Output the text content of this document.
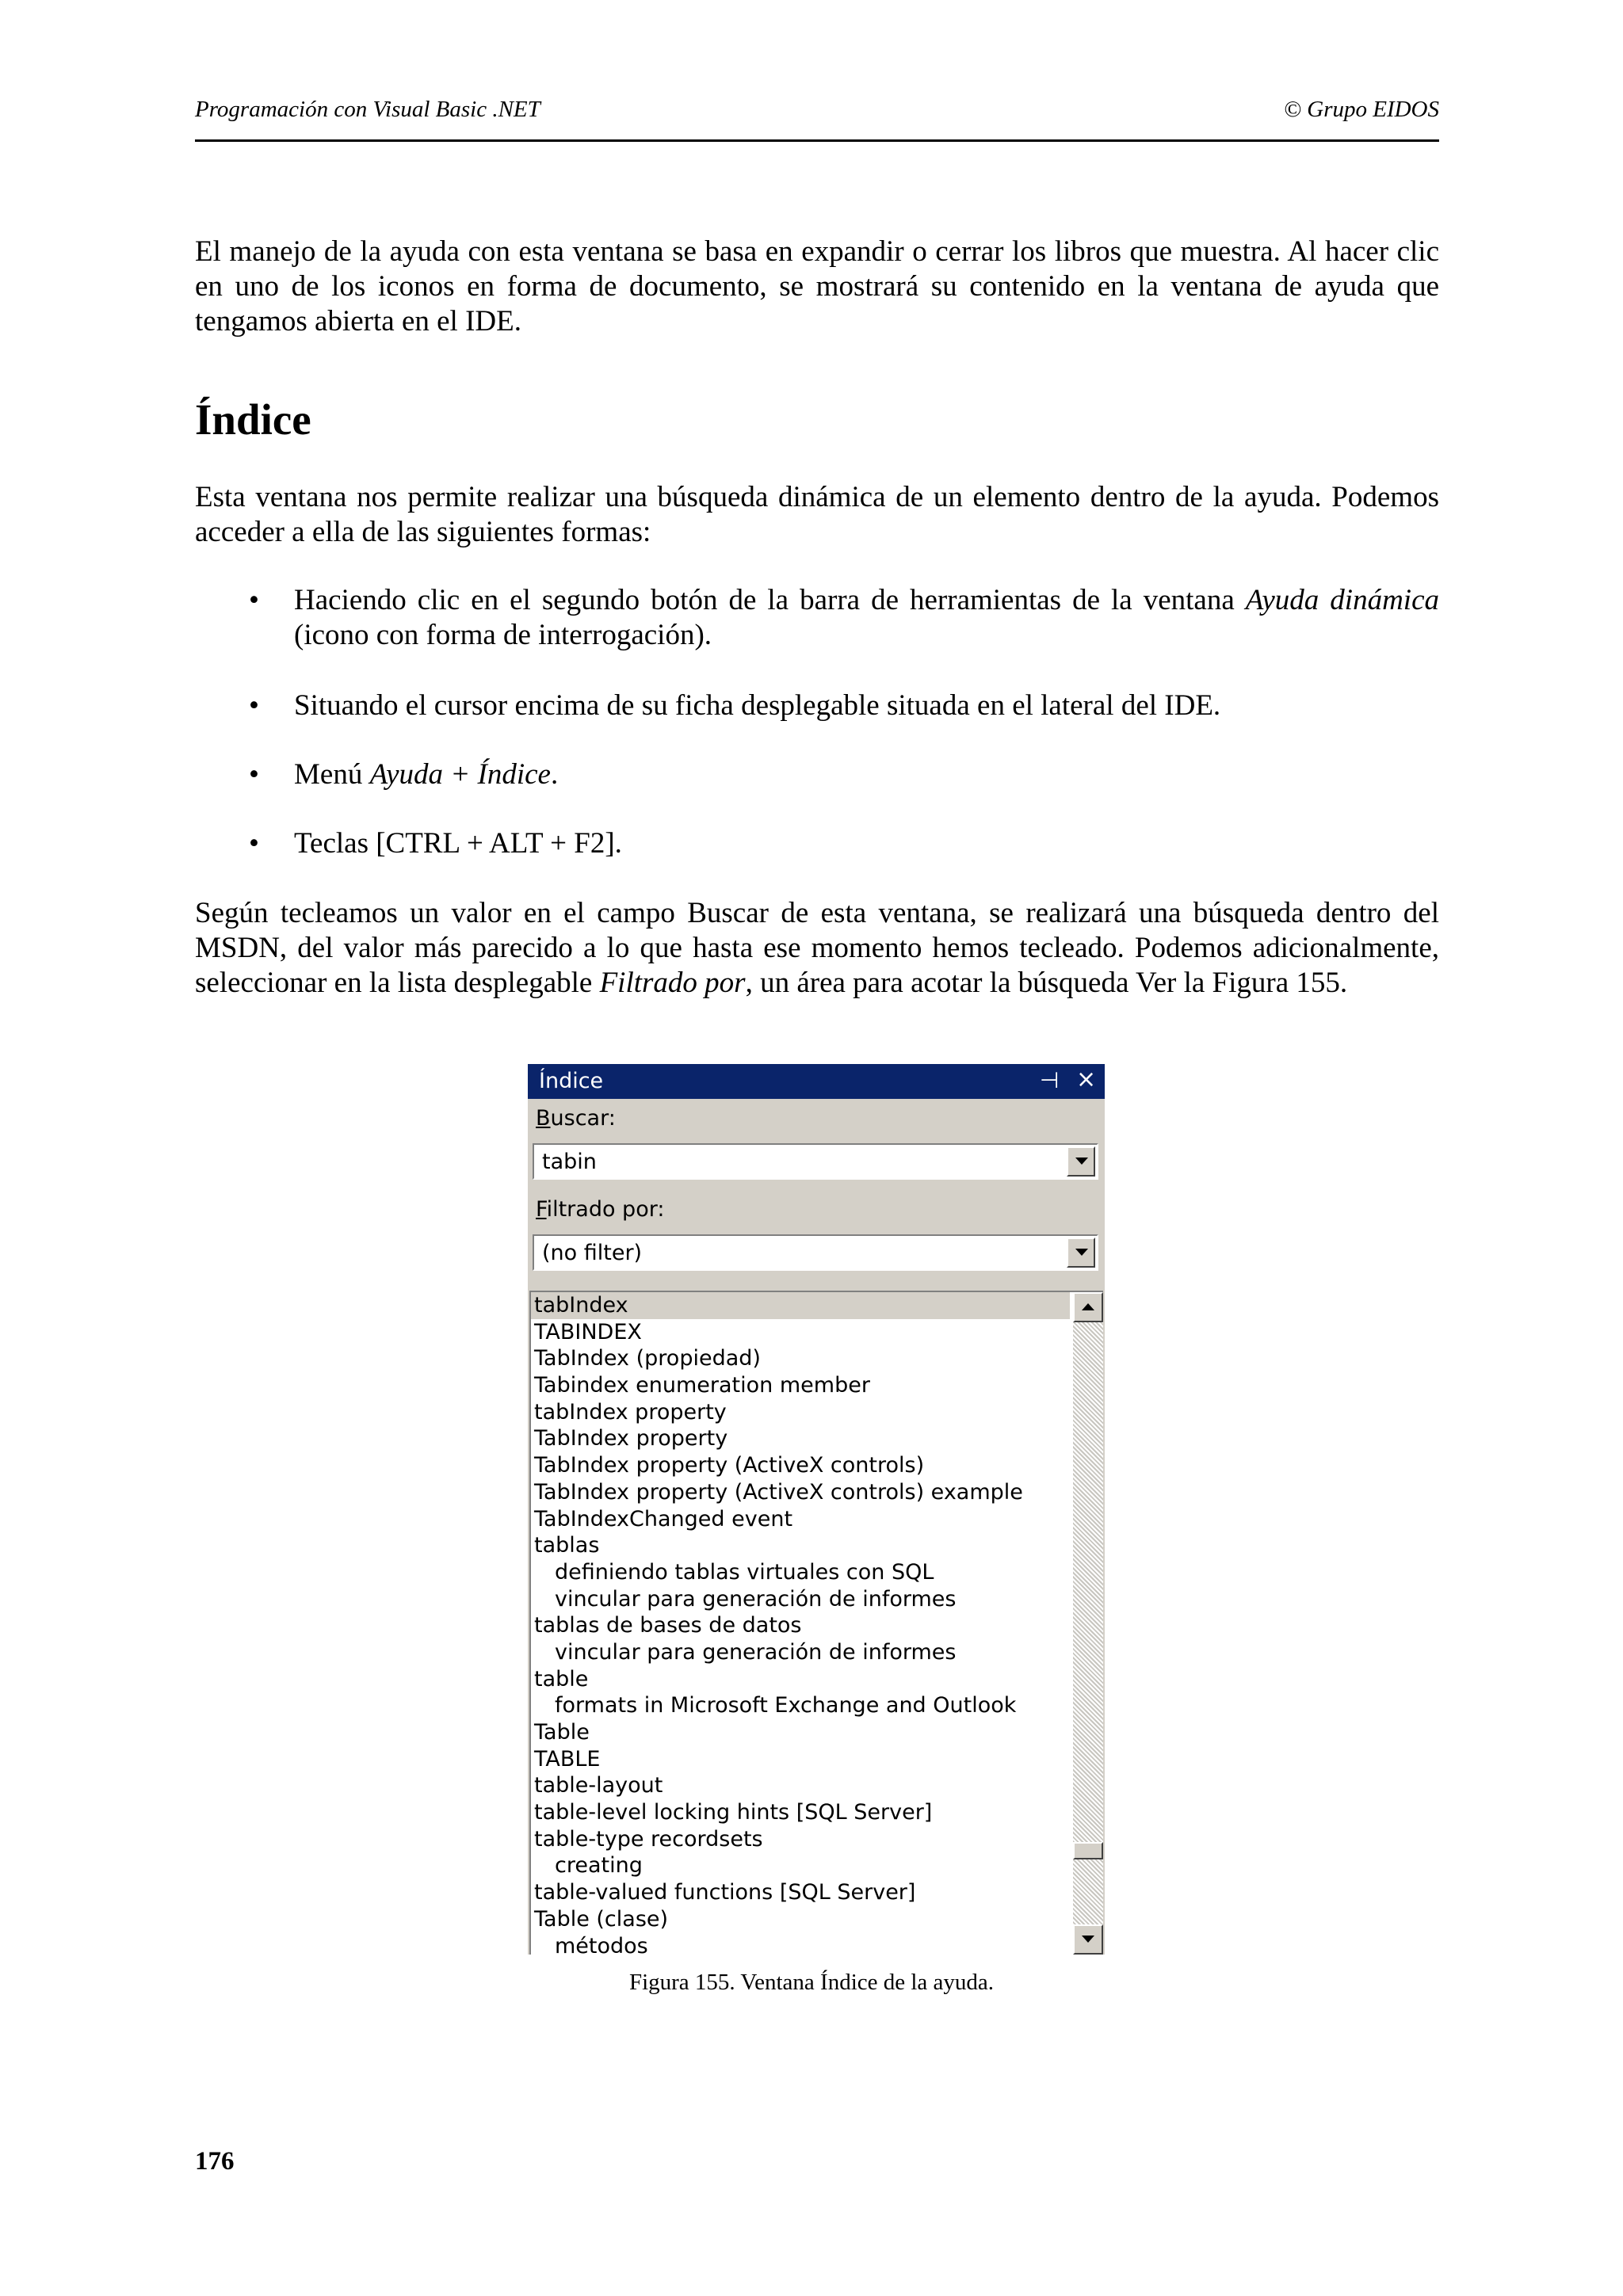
Programación con Visual Basic .NET	© Grupo EIDOS

El manejo de la ayuda con esta ventana se basa en expandir o cerrar los libros que muestra. Al hacer clic en uno de los iconos en forma de documento, se mostrará su contenido en la ventana de ayuda que tengamos abierta en el IDE.

Índice

Esta ventana nos permite realizar una búsqueda dinámica de un elemento dentro de la ayuda. Podemos acceder a ella de las siguientes formas:

• Haciendo clic en el segundo botón de la barra de herramientas de la ventana Ayuda dinámica (icono con forma de interrogación).
• Situando el cursor encima de su ficha desplegable situada en el lateral del IDE.
• Menú Ayuda + Índice.
• Teclas [CTRL + ALT + F2].

Según tecleamos un valor en el campo Buscar de esta ventana, se realizará una búsqueda dentro del MSDN, del valor más parecido a lo que hasta ese momento hemos tecleado. Podemos adicionalmente, seleccionar en la lista desplegable Filtrado por, un área para acotar la búsqueda Ver la Figura 155.

Índice	⊣ ×
Buscar:
tabin
Filtrado por:
(no filter)
tabIndex
TABINDEX
TabIndex (propiedad)
Tabindex enumeration member
tabIndex property
TabIndex property
TabIndex property (ActiveX controls)
TabIndex property (ActiveX controls) example
TabIndexChanged event
tablas
definiendo tablas virtuales con SQL
vincular para generación de informes
tablas de bases de datos
vincular para generación de informes
table
formats in Microsoft Exchange and Outlook
Table
TABLE
table-layout
table-level locking hints [SQL Server]
table-type recordsets
creating
table-valued functions [SQL Server]
Table (clase)
métodos
Figura 155. Ventana Índice de la ayuda.
176
